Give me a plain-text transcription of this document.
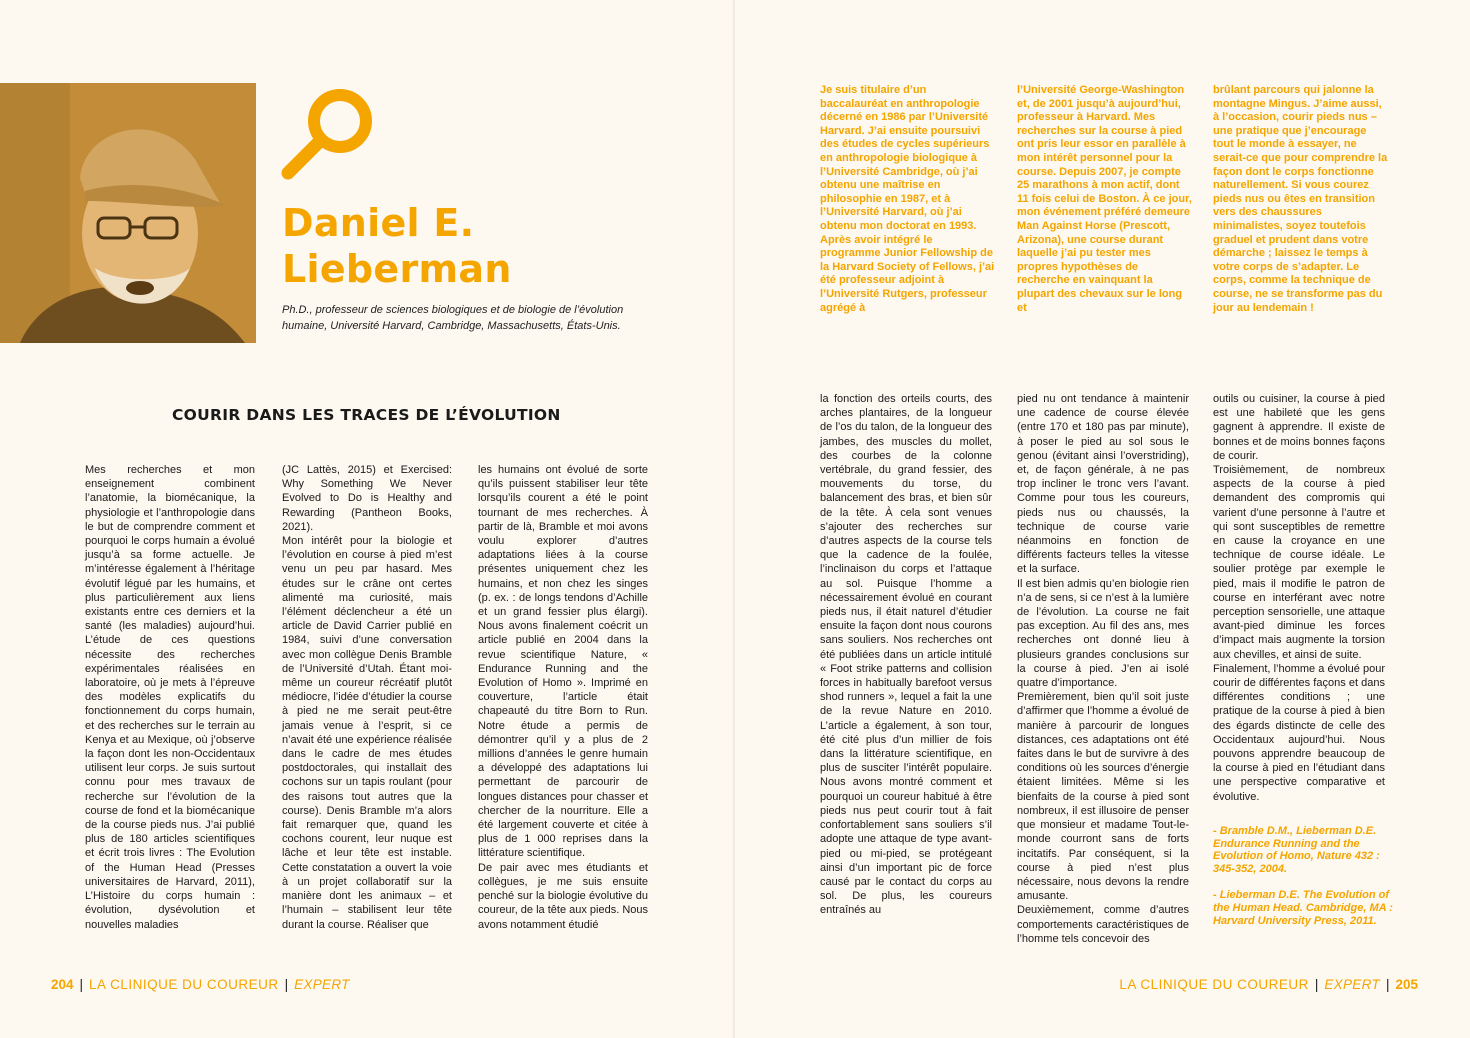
Daniel E.
Lieberman

Ph.D., professeur de sciences biologiques et de biologie de l’évolution humaine, Université Harvard, Cambridge, Massachusetts, États-Unis.

COURIR DANS LES TRACES DE L’ÉVOLUTION

Mes recherches et mon enseignement combinent l’anatomie, la biomécanique, la physiologie et l’anthropologie dans le but de comprendre comment et pourquoi le corps humain a évolué jusqu’à sa forme actuelle. Je m’intéresse également à l’héritage évolutif légué par les humains, et plus particulièrement aux liens existants entre ces derniers et la santé (les maladies) aujourd’hui. L’étude de ces questions nécessite des recherches expérimentales réalisées en laboratoire, où je mets à l’épreuve des modèles explicatifs du fonctionnement du corps humain, et des recherches sur le terrain au Kenya et au Mexique, où j’observe la façon dont les non-Occidentaux utilisent leur corps. Je suis surtout connu pour mes travaux de recherche sur l’évolution de la course de fond et la biomécanique de la course pieds nus. J’ai publié plus de 180 articles scientifiques et écrit trois livres : The Evolution of the Human Head (Presses universitaires de Harvard, 2011), L’Histoire du corps humain : évolution, dysévolution et nouvelles maladies

(JC Lattès, 2015) et Exercised: Why Something We Never Evolved to Do is Healthy and Rewarding (Pantheon Books, 2021).

Mon intérêt pour la biologie et l’évolution en course à pied m’est venu un peu par hasard. Mes études sur le crâne ont certes alimenté ma curiosité, mais l’élément déclencheur a été un article de David Carrier publié en 1984, suivi d’une conversation avec mon collègue Denis Bramble de l’Université d’Utah. Étant moi-même un coureur récréatif plutôt médiocre, l’idée d’étudier la course à pied ne me serait peut-être jamais venue à l’esprit, si ce n’avait été une expérience réalisée dans le cadre de mes études postdoctorales, qui installait des cochons sur un tapis roulant (pour des raisons tout autres que la course). Denis Bramble m’a alors fait remarquer que, quand les cochons courent, leur nuque est lâche et leur tête est instable. Cette constatation a ouvert la voie à un projet collaboratif sur la manière dont les animaux – et l’humain – stabilisent leur tête durant la course. Réaliser que

les humains ont évolué de sorte qu’ils puissent stabiliser leur tête lorsqu’ils courent a été le point tournant de mes recherches. À partir de là, Bramble et moi avons voulu explorer d’autres adaptations liées à la course présentes uniquement chez les humains, et non chez les singes (p. ex. : de longs tendons d’Achille et un grand fessier plus élargi). Nous avons finalement coécrit un article publié en 2004 dans la revue scientifique Nature, « Endurance Running and the Evolution of Homo ». Imprimé en couverture, l’article était chapeauté du titre Born to Run. Notre étude a permis de démontrer qu’il y a plus de 2 millions d’années le genre humain a développé des adaptations lui permettant de parcourir de longues distances pour chasser et chercher de la nourriture. Elle a été largement couverte et citée à plus de 1 000 reprises dans la littérature scientifique.

De pair avec mes étudiants et collègues, je me suis ensuite penché sur la biologie évolutive du coureur, de la tête aux pieds. Nous avons notamment étudié

204 | LA CLINIQUE DU COUREUR | EXPERT

Je suis titulaire d’un baccalauréat en anthropologie décerné en 1986 par l’Université Harvard. J’ai ensuite poursuivi des études de cycles supérieurs en anthropologie biologique à l’Université Cambridge, où j’ai obtenu une maîtrise en philosophie en 1987, et à l’Université Harvard, où j’ai obtenu mon doctorat en 1993. Après avoir intégré le programme Junior Fellowship de la Harvard Society of Fellows, j’ai été professeur adjoint à l’Université Rutgers, professeur agrégé à

l’Université George-Washington et, de 2001 jusqu’à aujourd’hui, professeur à Harvard. Mes recherches sur la course à pied ont pris leur essor en parallèle à mon intérêt personnel pour la course. Depuis 2007, je compte 25 marathons à mon actif, dont 11 fois celui de Boston. À ce jour, mon événement préféré demeure Man Against Horse (Prescott, Arizona), une course durant laquelle j’ai pu tester mes propres hypothèses de recherche en vainquant la plupart des chevaux sur le long et

brûlant parcours qui jalonne la montagne Mingus. J’aime aussi, à l’occasion, courir pieds nus – une pratique que j’encourage tout le monde à essayer, ne serait-ce que pour comprendre la façon dont le corps fonctionne naturellement. Si vous courez pieds nus ou êtes en transition vers des chaussures minimalistes, soyez toutefois graduel et prudent dans votre démarche ; laissez le temps à votre corps de s’adapter. Le corps, comme la technique de course, ne se transforme pas du jour au lendemain !

la fonction des orteils courts, des arches plantaires, de la longueur de l’os du talon, de la longueur des jambes, des muscles du mollet, des courbes de la colonne vertébrale, du grand fessier, des mouvements du torse, du balancement des bras, et bien sûr de la tête. À cela sont venues s’ajouter des recherches sur d’autres aspects de la course tels que la cadence de la foulée, l’inclinaison du corps et l’attaque au sol. Puisque l’homme a nécessairement évolué en courant pieds nus, il était naturel d’étudier ensuite la façon dont nous courons sans souliers. Nos recherches ont été publiées dans un article intitulé « Foot strike patterns and collision forces in habitually barefoot versus shod runners », lequel a fait la une de la revue Nature en 2010. L’article a également, à son tour, été cité plus d’un millier de fois dans la littérature scientifique, en plus de susciter l’intérêt populaire. Nous avons montré comment et pourquoi un coureur habitué à être pieds nus peut courir tout à fait confortablement sans souliers s’il adopte une attaque de type avant-pied ou mi-pied, se protégeant ainsi d’un important pic de force causé par le contact du corps au sol. De plus, les coureurs entraînés au

pied nu ont tendance à maintenir une cadence de course élevée (entre 170 et 180 pas par minute), à poser le pied au sol sous le genou (évitant ainsi l’overstriding), et, de façon générale, à ne pas trop incliner le tronc vers l’avant. Comme pour tous les coureurs, pieds nus ou chaussés, la technique de course varie néanmoins en fonction de différents facteurs telles la vitesse et la surface.

Il est bien admis qu’en biologie rien n’a de sens, si ce n’est à la lumière de l’évolution. La course ne fait pas exception. Au fil des ans, mes recherches ont donné lieu à plusieurs grandes conclusions sur la course à pied. J’en ai isolé quatre d’importance.

Premièrement, bien qu’il soit juste d’affirmer que l’homme a évolué de manière à parcourir de longues distances, ces adaptations ont été faites dans le but de survivre à des conditions où les sources d’énergie étaient limitées. Même si les bienfaits de la course à pied sont nombreux, il est illusoire de penser que monsieur et madame Tout-le-monde courront sans de forts incitatifs. Par conséquent, si la course à pied n’est plus nécessaire, nous devons la rendre amusante.

Deuxièmement, comme d’autres comportements caractéristiques de l’homme tels concevoir des

outils ou cuisiner, la course à pied est une habileté que les gens gagnent à apprendre. Il existe de bonnes et de moins bonnes façons de courir.

Troisièmement, de nombreux aspects de la course à pied demandent des compromis qui varient d’une personne à l’autre et qui sont susceptibles de remettre en cause la croyance en une technique de course idéale. Le soulier protège par exemple le pied, mais il modifie le patron de course en interférant avec notre perception sensorielle, une attaque avant-pied diminue les forces d’impact mais augmente la torsion aux chevilles, et ainsi de suite.

Finalement, l’homme a évolué pour courir de différentes façons et dans différentes conditions ; une pratique de la course à pied à bien des égards distincte de celle des Occidentaux aujourd’hui. Nous pouvons apprendre beaucoup de la course à pied en l’étudiant dans une perspective comparative et évolutive.

- Bramble D.M., Lieberman D.E. Endurance Running and the Evolution of Homo, Nature 432 : 345-352, 2004.

- Lieberman D.E. The Evolution of the Human Head. Cambridge, MA : Harvard University Press, 2011.

LA CLINIQUE DU COUREUR | EXPERT | 205
